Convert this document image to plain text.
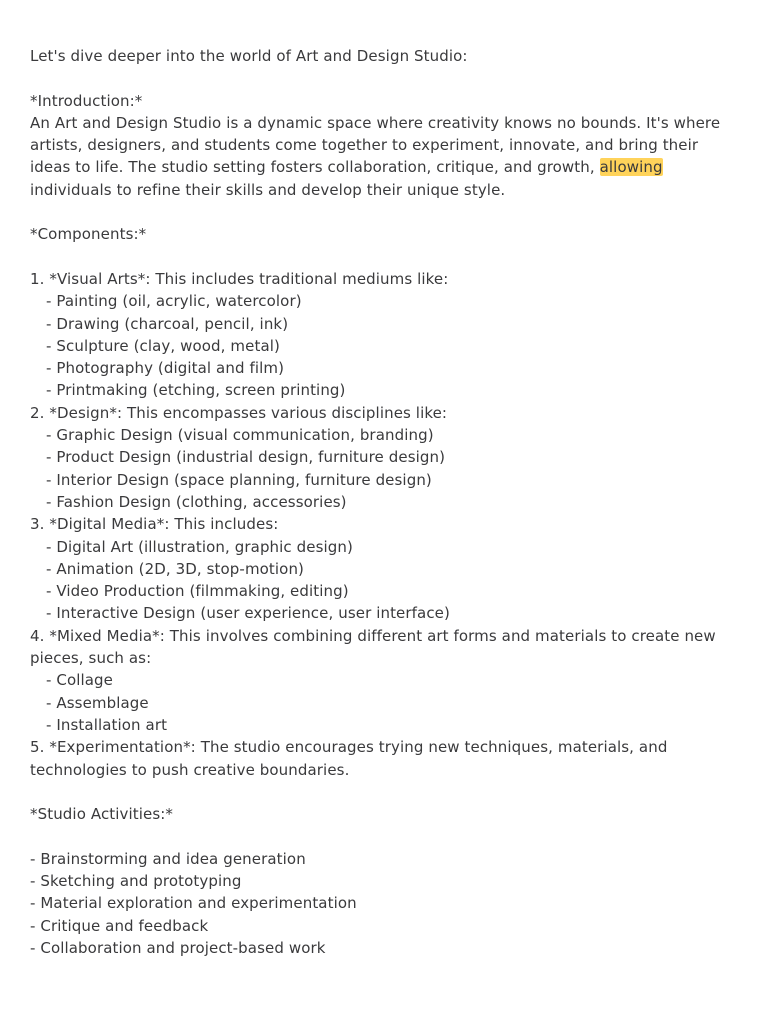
Let's dive deeper into the world of Art and Design Studio:
*Introduction:*
An Art and Design Studio is a dynamic space where creativity knows no bounds. It's where artists, designers, and students come together to experiment, innovate, and bring their ideas to life. The studio setting fosters collaboration, critique, and growth, allowing individuals to refine their skills and develop their unique style.
*Components:*
1. *Visual Arts*: This includes traditional mediums like:
- Painting (oil, acrylic, watercolor)
- Drawing (charcoal, pencil, ink)
- Sculpture (clay, wood, metal)
- Photography (digital and film)
- Printmaking (etching, screen printing)
2. *Design*: This encompasses various disciplines like:
- Graphic Design (visual communication, branding)
- Product Design (industrial design, furniture design)
- Interior Design (space planning, furniture design)
- Fashion Design (clothing, accessories)
3. *Digital Media*: This includes:
- Digital Art (illustration, graphic design)
- Animation (2D, 3D, stop-motion)
- Video Production (filmmaking, editing)
- Interactive Design (user experience, user interface)
4. *Mixed Media*: This involves combining different art forms and materials to create new pieces, such as:
- Collage
- Assemblage
- Installation art
5. *Experimentation*: The studio encourages trying new techniques, materials, and technologies to push creative boundaries.
*Studio Activities:*
- Brainstorming and idea generation
- Sketching and prototyping
- Material exploration and experimentation
- Critique and feedback
- Collaboration and project-based work
